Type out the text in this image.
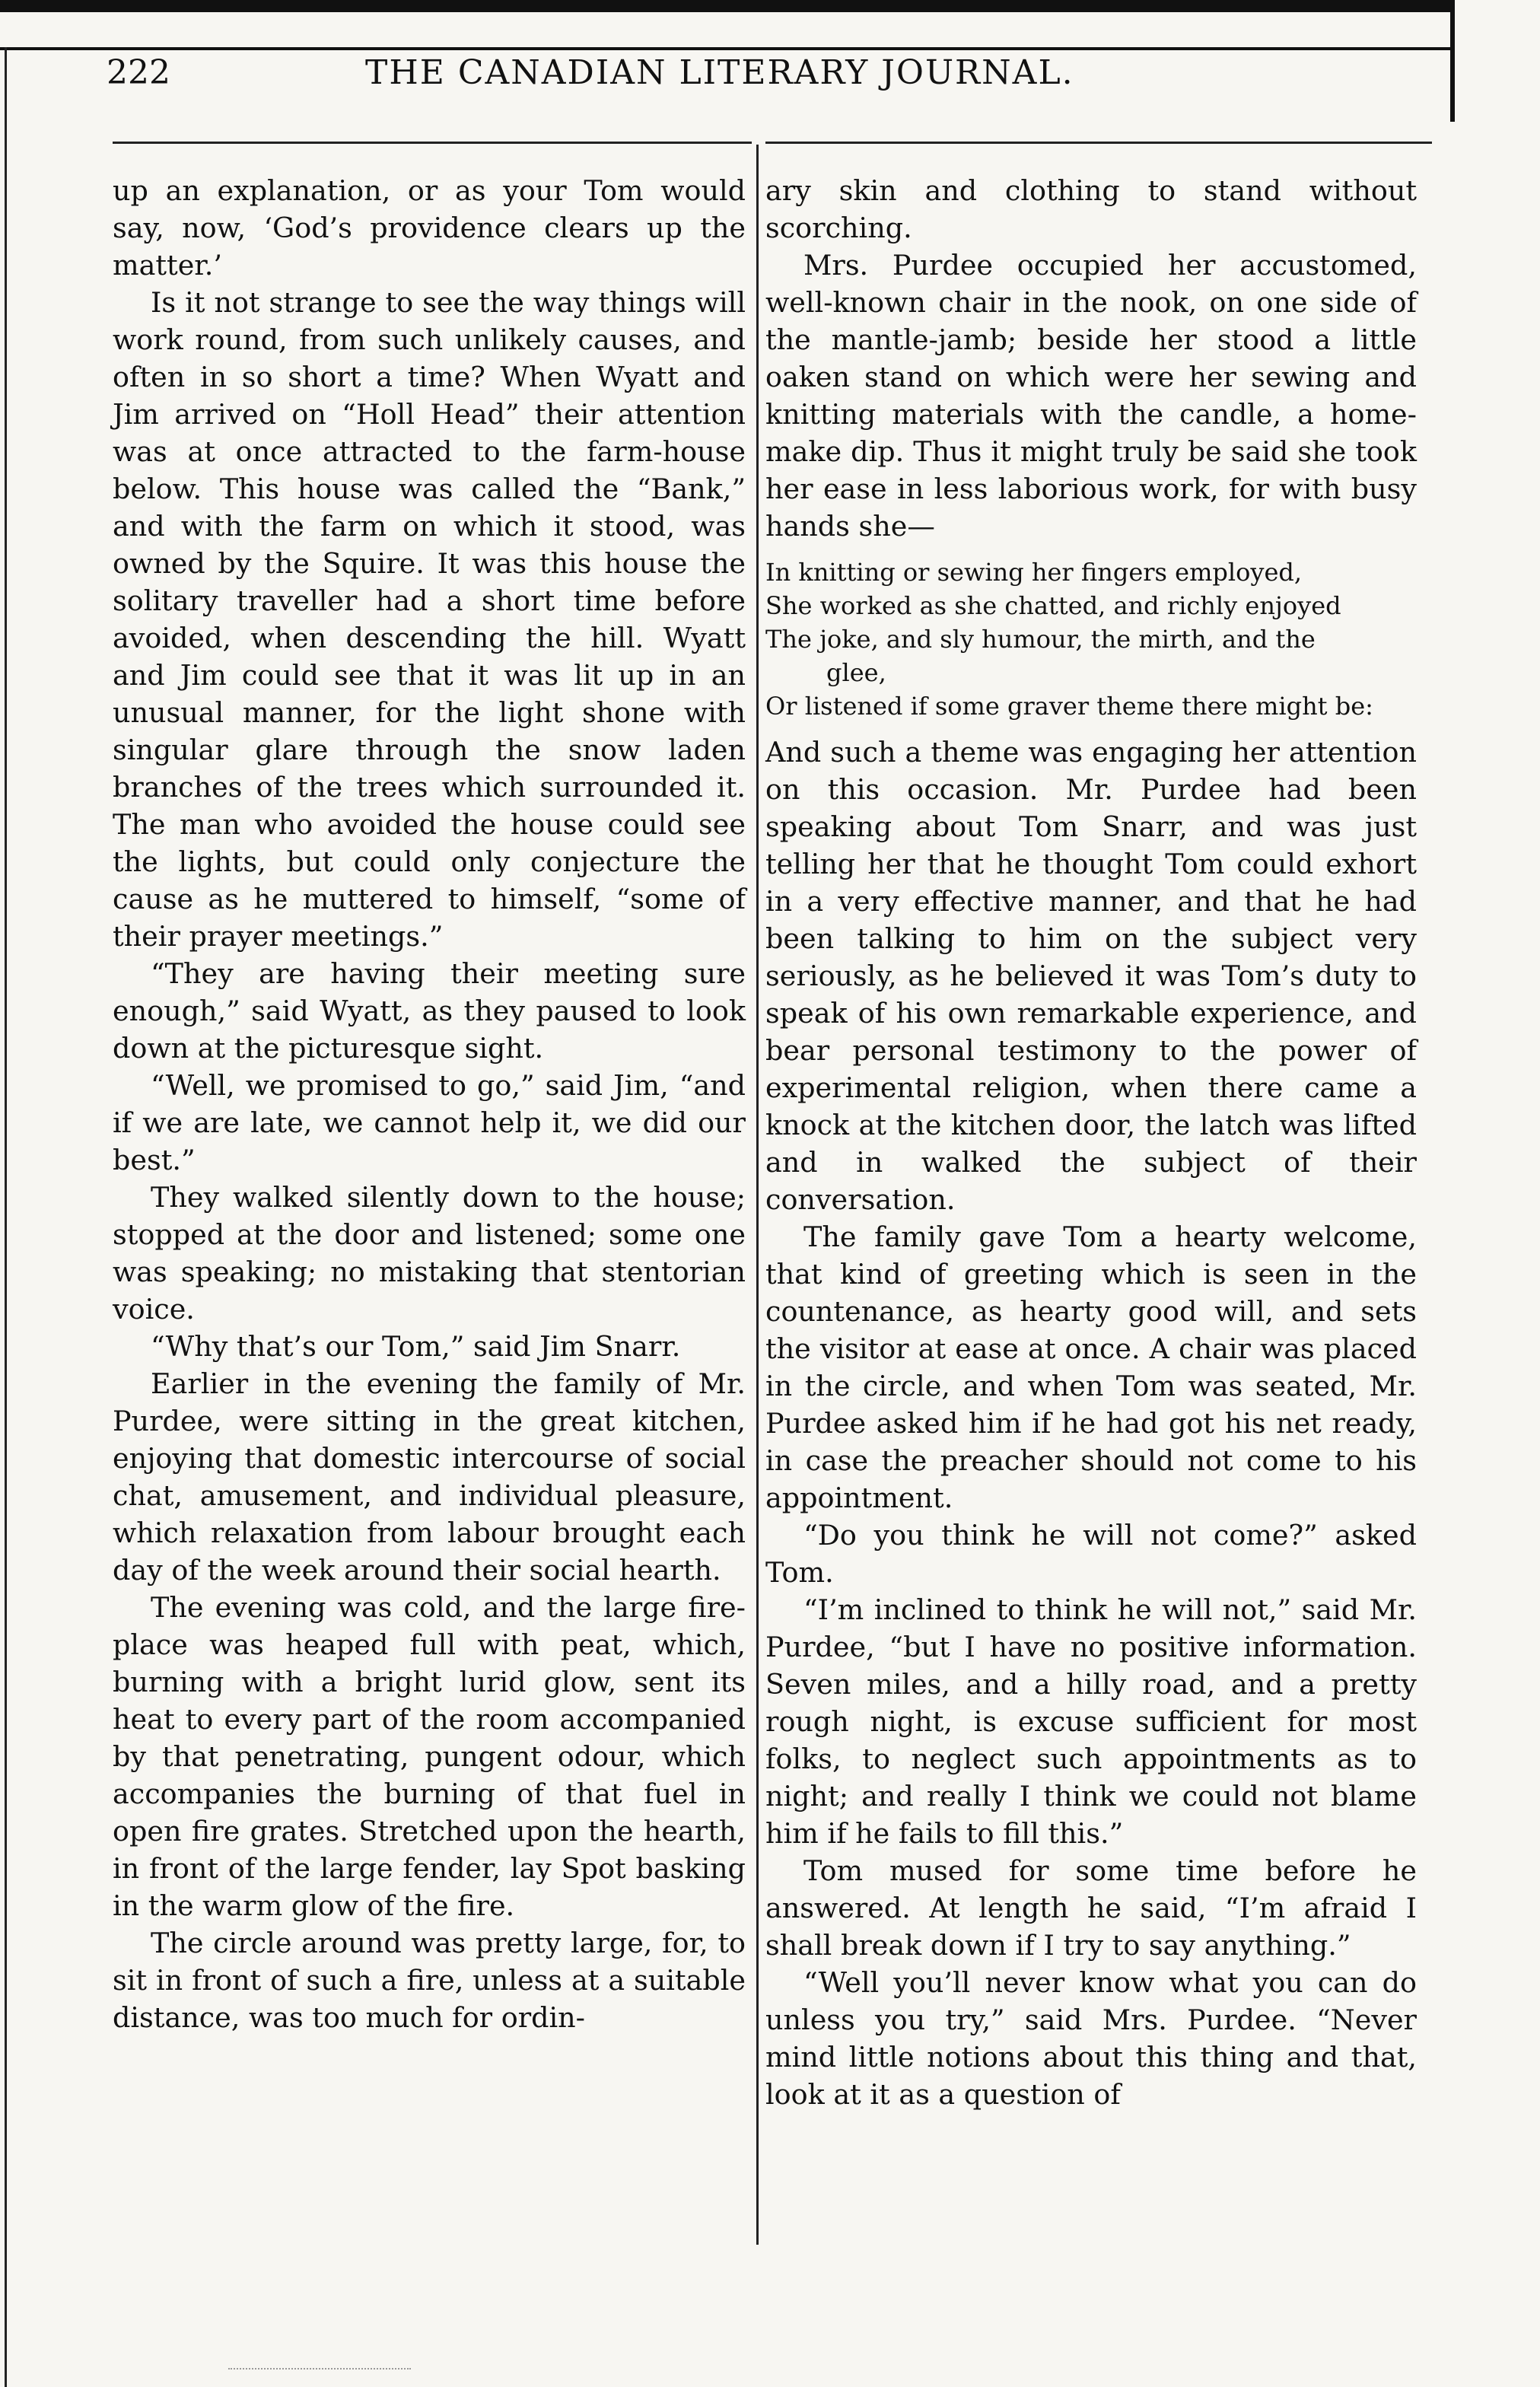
222	THE CANADIAN LITERARY JOURNAL.

up an explanation, or as your Tom would say, now, ‘God’s providence clears up the matter.’

Is it not strange to see the way things will work round, from such unlikely causes, and often in so short a time? When Wyatt and Jim arrived on “Holl Head” their attention was at once attracted to the farm-house below. This house was called the “Bank,” and with the farm on which it stood, was owned by the Squire. It was this house the solitary traveller had a short time before avoided, when descending the hill. Wyatt and Jim could see that it was lit up in an unusual manner, for the light shone with singular glare through the snow laden branches of the trees which surrounded it. The man who avoided the house could see the lights, but could only conjecture the cause as he muttered to himself, “some of their prayer meetings.”

“They are having their meeting sure enough,” said Wyatt, as they paused to look down at the picturesque sight.

“Well, we promised to go,” said Jim, “and if we are late, we cannot help it, we did our best.”

They walked silently down to the house; stopped at the door and listened; some one was speaking; no mistaking that stentorian voice.

“Why that’s our Tom,” said Jim Snarr.

Earlier in the evening the family of Mr. Purdee, were sitting in the great kitchen, enjoying that domestic intercourse of social chat, amusement, and individual pleasure, which relaxation from labour brought each day of the week around their social hearth.

The evening was cold, and the large fire-place was heaped full with peat, which, burning with a bright lurid glow, sent its heat to every part of the room accompanied by that penetrating, pungent odour, which accompanies the burning of that fuel in open fire grates. Stretched upon the hearth, in front of the large fender, lay Spot basking in the warm glow of the fire.

The circle around was pretty large, for, to sit in front of such a fire, unless at a suitable distance, was too much for ordin-

ary skin and clothing to stand without scorching.

Mrs. Purdee occupied her accustomed, well-known chair in the nook, on one side of the mantle-jamb; beside her stood a little oaken stand on which were her sewing and knitting materials with the candle, a home-make dip. Thus it might truly be said she took her ease in less laborious work, for with busy hands she—

In knitting or sewing her fingers employed,
She worked as she chatted, and richly enjoyed
The joke, and sly humour, the mirth, and the
glee,
Or listened if some graver theme there might be:

And such a theme was engaging her attention on this occasion. Mr. Purdee had been speaking about Tom Snarr, and was just telling her that he thought Tom could exhort in a very effective manner, and that he had been talking to him on the subject very seriously, as he believed it was Tom’s duty to speak of his own remarkable experience, and bear personal testimony to the power of experimental religion, when there came a knock at the kitchen door, the latch was lifted and in walked the subject of their conversation.

The family gave Tom a hearty welcome, that kind of greeting which is seen in the countenance, as hearty good will, and sets the visitor at ease at once. A chair was placed in the circle, and when Tom was seated, Mr. Purdee asked him if he had got his net ready, in case the preacher should not come to his appointment.

“Do you think he will not come?” asked Tom.

“I’m inclined to think he will not,” said Mr. Purdee, “but I have no positive information. Seven miles, and a hilly road, and a pretty rough night, is excuse sufficient for most folks, to neglect such appointments as to night; and really I think we could not blame him if he fails to fill this.”

Tom mused for some time before he answered. At length he said, “I’m afraid I shall break down if I try to say anything.”

“Well you’ll never know what you can do unless you try,” said Mrs. Purdee. “Never mind little notions about this thing and that, look at it as a question of
